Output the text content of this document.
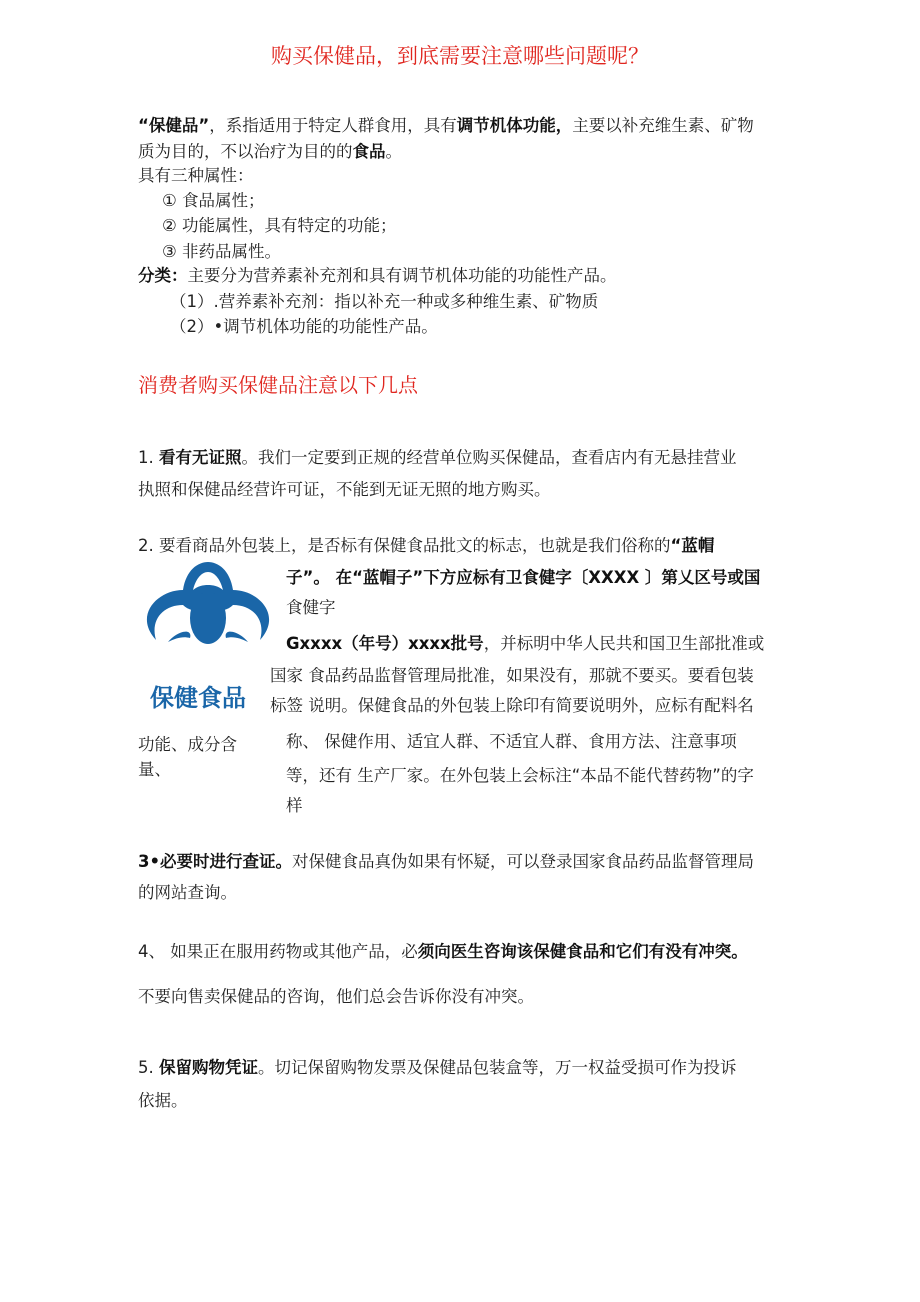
购买保健品，到底需要注意哪些问题呢？
“保健品”，系指适用于特定人群食用，具有调节机体功能，主要以补充维生素、矿物
质为目的，不以治疗为目的的食品。
具有三种属性：
① 食品属性；
② 功能属性，具有特定的功能；
③ 非药品属性。
分类：主要分为营养素补充剂和具有调节机体功能的功能性产品。
（1）.营养素补充剂：指以补充一种或多种维生素、矿物质
（2）•调节机体功能的功能性产品。
消费者购买保健品注意以下几点
1. 看有无证照。我们一定要到正规的经营单位购买保健品，查看店内有无悬挂营业
执照和保健品经营许可证，不能到无证无照的地方购买。
2. 要看商品外包装上，是否标有保健食品批文的标志，也就是我们俗称的“蓝帽
子”。 在“蓝帽子”下方应标有卫食健字〔XXXX 〕第乂区号或国
食健字
Gxxxx（年号）xxxx批号，并标明中华人民共和国卫生部批准或
国家 食品药品监督管理局批准，如果没有，那就不要买。要看包装
保健食品 标签 说明。保健食品的外包装上除印有简要说明外，应标有配料名
功能、成分含
量、
称、 保健作用、适宜人群、不适宜人群、食用方法、注意事项
等，还有 生产厂家。在外包装上会标注“本品不能代替药物”的字
样
3•必要时进行查证。对保健食品真伪如果有怀疑，可以登录国家食品药品监督管理局
的网站查询。
4、 如果正在服用药物或其他产品，必须向医生咨询该保健食品和它们有没有冲突。
不要向售卖保健品的咨询，他们总会告诉你没有冲突。
5. 保留购物凭证。切记保留购物发票及保健品包装盒等，万一权益受损可作为投诉
依据。
